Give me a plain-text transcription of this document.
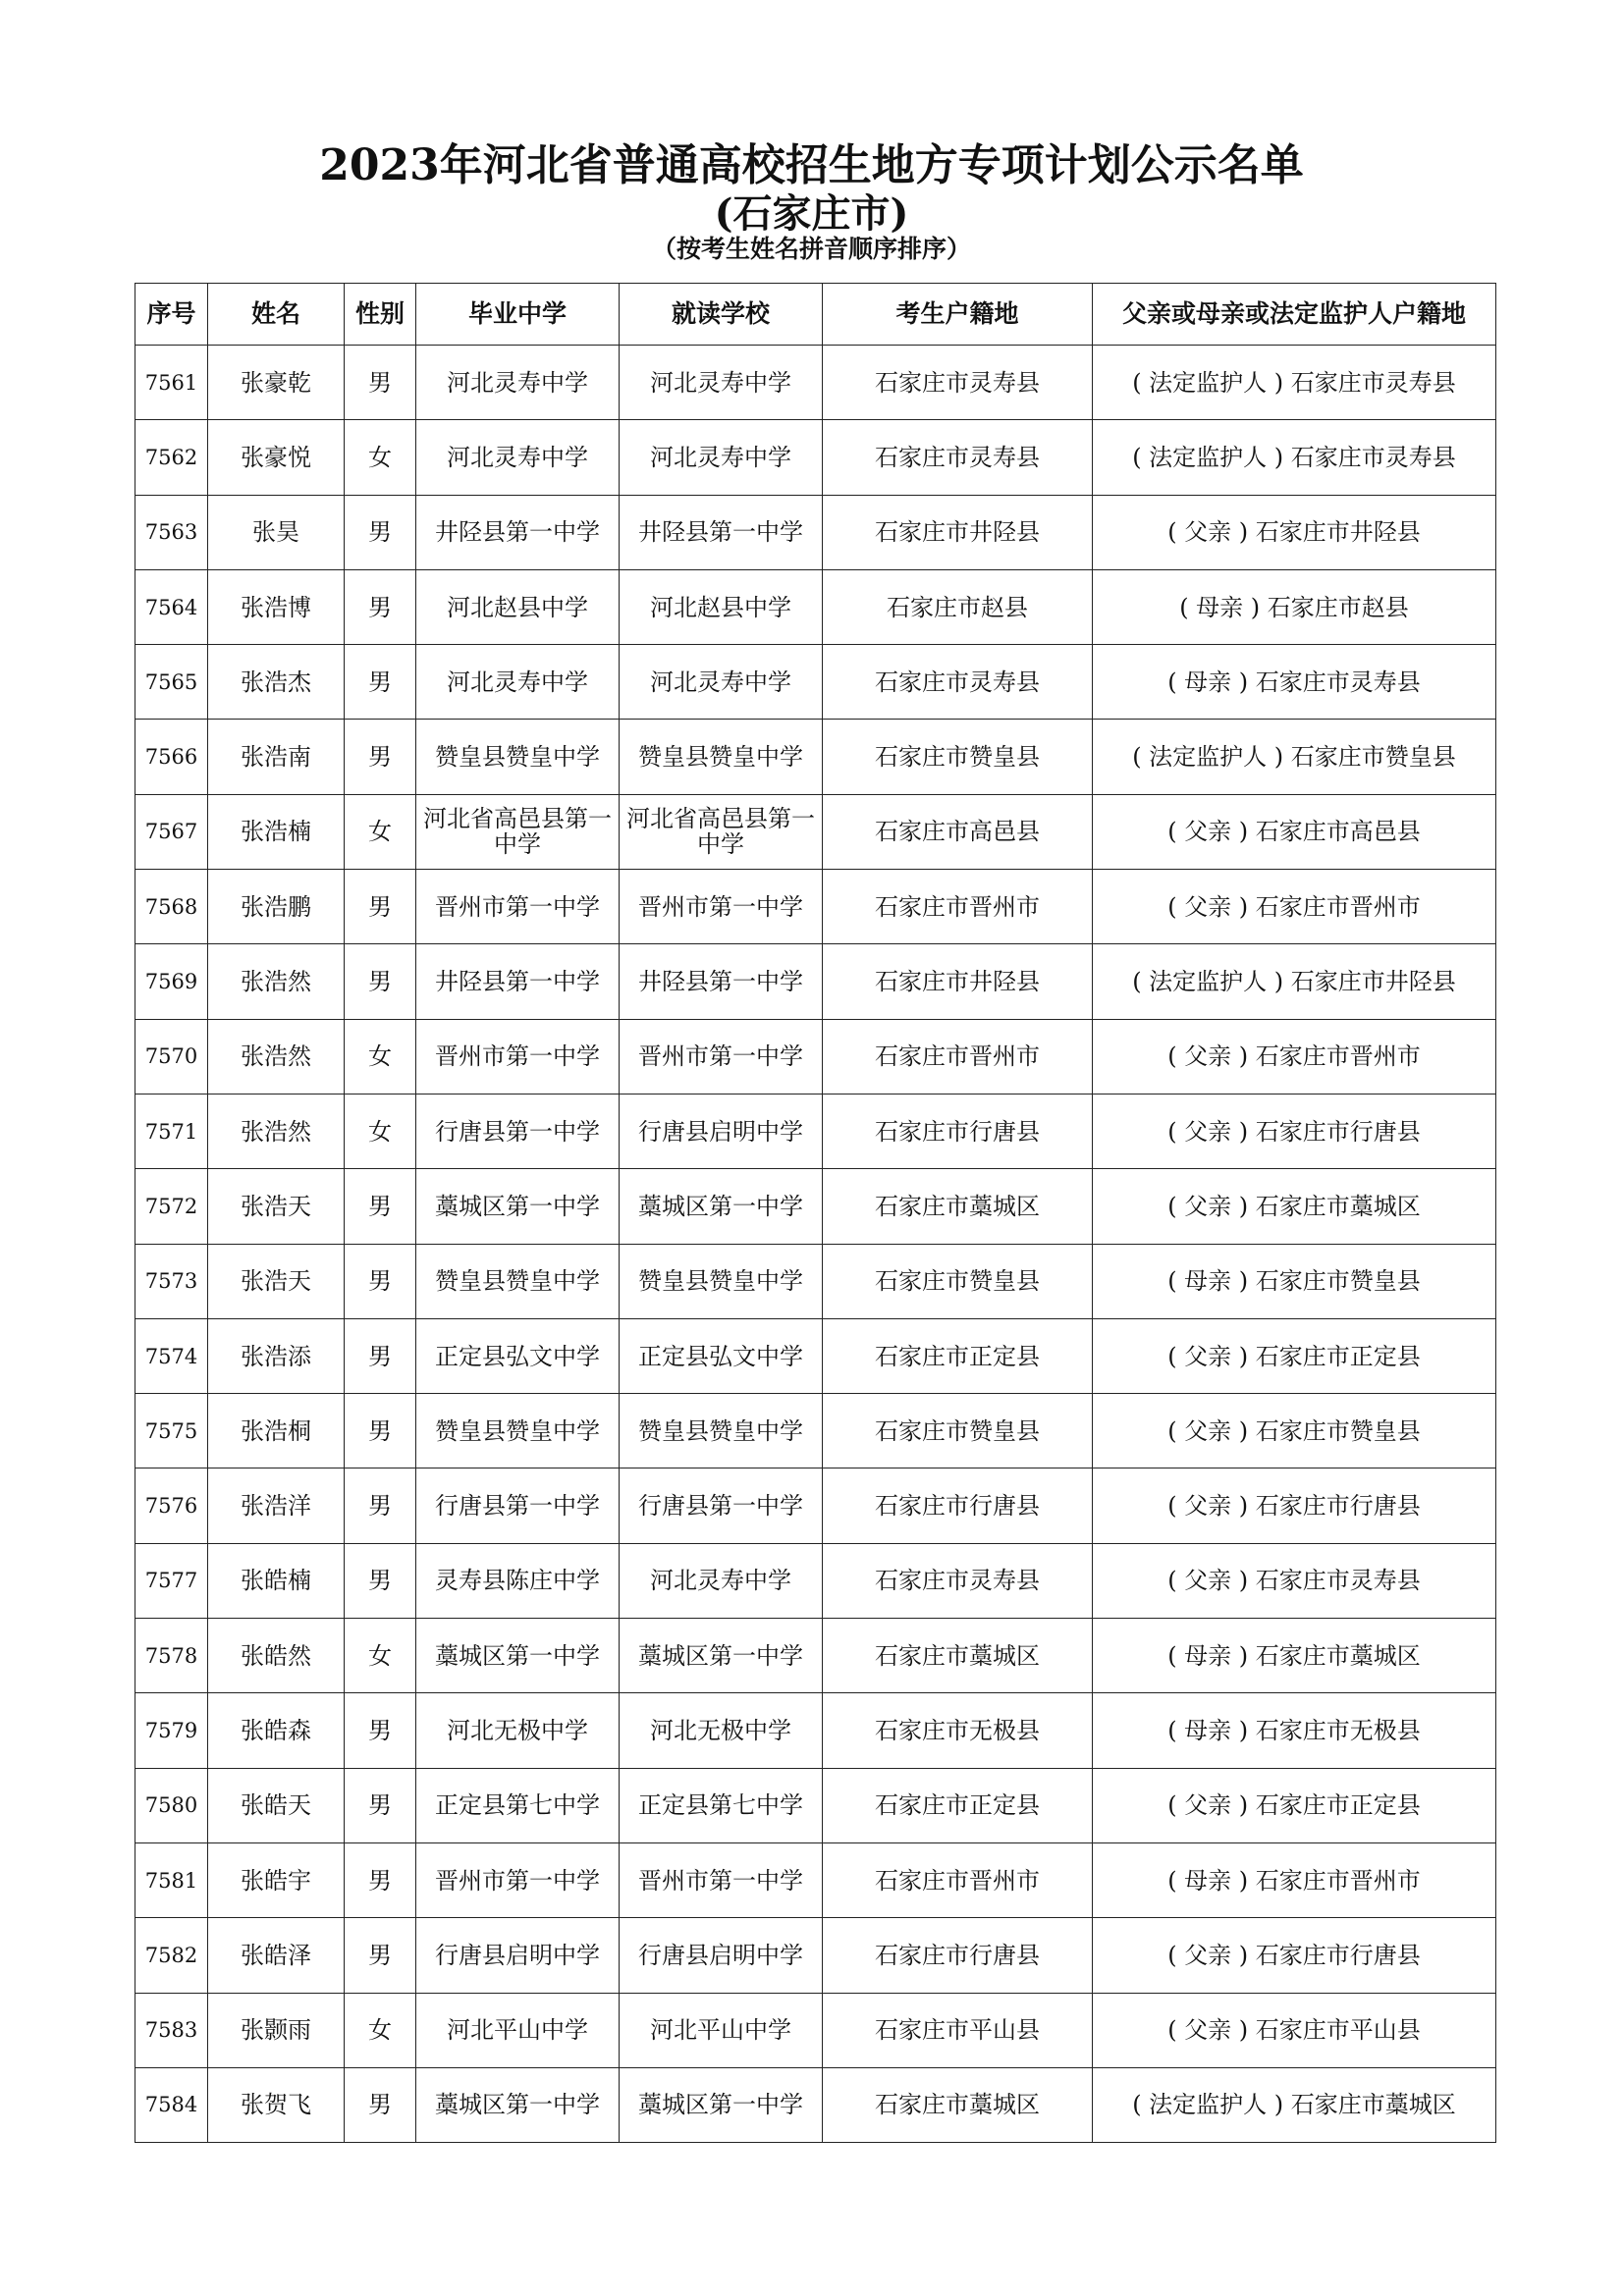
2023年河北省普通高校招生地方专项计划公示名单
(石家庄市)
（按考生姓名拼音顺序排序）
序号	姓名	性别	毕业中学	就读学校	考生户籍地	父亲或母亲或法定监护人户籍地
7561	张豪乾	男	河北灵寿中学	河北灵寿中学	石家庄市灵寿县	( 法定监护人 ) 石家庄市灵寿县
7562	张豪悦	女	河北灵寿中学	河北灵寿中学	石家庄市灵寿县	( 法定监护人 ) 石家庄市灵寿县
7563	张昊	男	井陉县第一中学	井陉县第一中学	石家庄市井陉县	( 父亲 ) 石家庄市井陉县
7564	张浩博	男	河北赵县中学	河北赵县中学	石家庄市赵县	( 母亲 ) 石家庄市赵县
7565	张浩杰	男	河北灵寿中学	河北灵寿中学	石家庄市灵寿县	( 母亲 ) 石家庄市灵寿县
7566	张浩南	男	赞皇县赞皇中学	赞皇县赞皇中学	石家庄市赞皇县	( 法定监护人 ) 石家庄市赞皇县
7567	张浩楠	女	河北省高邑县第一中学	河北省高邑县第一中学	石家庄市高邑县	( 父亲 ) 石家庄市高邑县
7568	张浩鹏	男	晋州市第一中学	晋州市第一中学	石家庄市晋州市	( 父亲 ) 石家庄市晋州市
7569	张浩然	男	井陉县第一中学	井陉县第一中学	石家庄市井陉县	( 法定监护人 ) 石家庄市井陉县
7570	张浩然	女	晋州市第一中学	晋州市第一中学	石家庄市晋州市	( 父亲 ) 石家庄市晋州市
7571	张浩然	女	行唐县第一中学	行唐县启明中学	石家庄市行唐县	( 父亲 ) 石家庄市行唐县
7572	张浩天	男	藁城区第一中学	藁城区第一中学	石家庄市藁城区	( 父亲 ) 石家庄市藁城区
7573	张浩天	男	赞皇县赞皇中学	赞皇县赞皇中学	石家庄市赞皇县	( 母亲 ) 石家庄市赞皇县
7574	张浩添	男	正定县弘文中学	正定县弘文中学	石家庄市正定县	( 父亲 ) 石家庄市正定县
7575	张浩桐	男	赞皇县赞皇中学	赞皇县赞皇中学	石家庄市赞皇县	( 父亲 ) 石家庄市赞皇县
7576	张浩洋	男	行唐县第一中学	行唐县第一中学	石家庄市行唐县	( 父亲 ) 石家庄市行唐县
7577	张皓楠	男	灵寿县陈庄中学	河北灵寿中学	石家庄市灵寿县	( 父亲 ) 石家庄市灵寿县
7578	张皓然	女	藁城区第一中学	藁城区第一中学	石家庄市藁城区	( 母亲 ) 石家庄市藁城区
7579	张皓森	男	河北无极中学	河北无极中学	石家庄市无极县	( 母亲 ) 石家庄市无极县
7580	张皓天	男	正定县第七中学	正定县第七中学	石家庄市正定县	( 父亲 ) 石家庄市正定县
7581	张皓宇	男	晋州市第一中学	晋州市第一中学	石家庄市晋州市	( 母亲 ) 石家庄市晋州市
7582	张皓泽	男	行唐县启明中学	行唐县启明中学	石家庄市行唐县	( 父亲 ) 石家庄市行唐县
7583	张颢雨	女	河北平山中学	河北平山中学	石家庄市平山县	( 父亲 ) 石家庄市平山县
7584	张贺飞	男	藁城区第一中学	藁城区第一中学	石家庄市藁城区	( 法定监护人 ) 石家庄市藁城区
